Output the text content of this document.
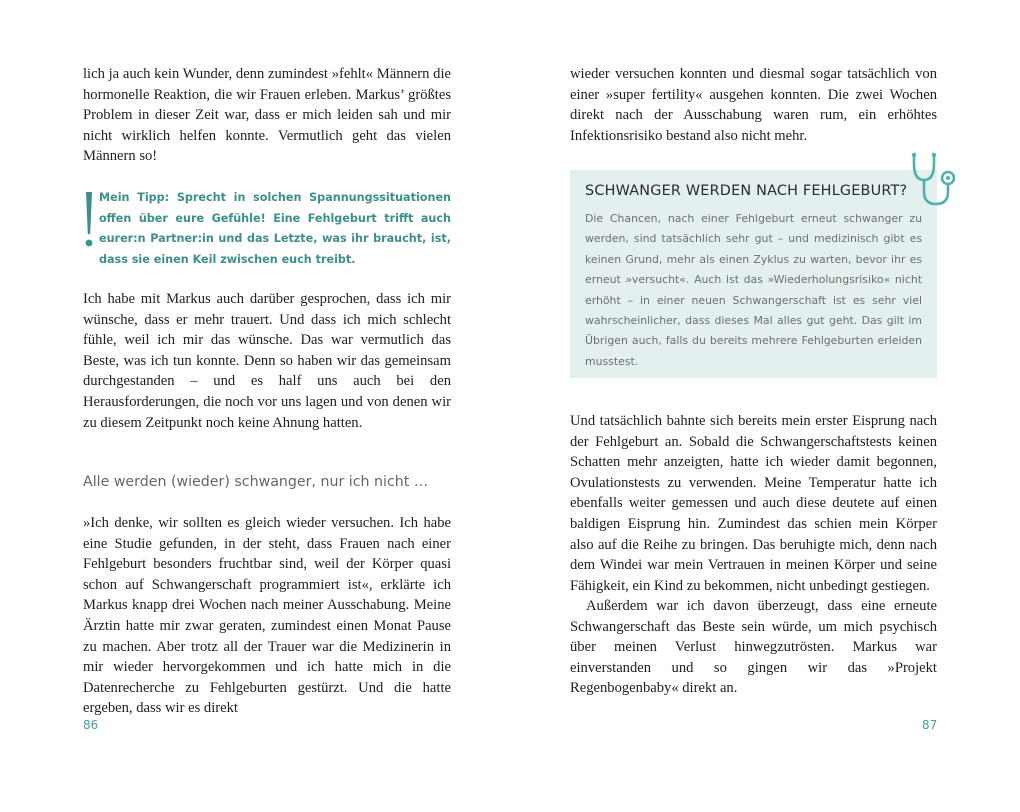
lich ja auch kein Wunder, denn zumindest »fehlt« Männern die hormonelle Reaktion, die wir Frauen erleben. Markus’ größtes Problem in dieser Zeit war, dass er mich leiden sah und mir nicht wirklich helfen konnte. Vermutlich geht das vielen Männern so!

Mein Tipp: Sprecht in solchen Spannungssituationen offen über eure Gefühle! Eine Fehlgeburt trifft auch eurer:n Partner:in und das Letzte, was ihr braucht, ist, dass sie einen Keil zwischen euch treibt.

Ich habe mit Markus auch darüber gesprochen, dass ich mir wünsche, dass er mehr trauert. Und dass ich mich schlecht fühle, weil ich mir das wünsche. Das war vermutlich das Beste, was ich tun konnte. Denn so haben wir das gemeinsam durchgestanden – und es half uns auch bei den Herausforderungen, die noch vor uns lagen und von denen wir zu diesem Zeitpunkt noch keine Ahnung hatten.

Alle werden (wieder) schwanger, nur ich nicht …

»Ich denke, wir sollten es gleich wieder versuchen. Ich habe eine Studie gefunden, in der steht, dass Frauen nach einer Fehlgeburt besonders fruchtbar sind, weil der Körper quasi schon auf Schwangerschaft programmiert ist«, erklärte ich Markus knapp drei Wochen nach meiner Ausschabung. Meine Ärztin hatte mir zwar geraten, zumindest einen Monat Pause zu machen. Aber trotz all der Trauer war die Medizinerin in mir wieder hervorgekommen und ich hatte mich in die Datenrecherche zu Fehlgeburten gestürzt. Und die hatte ergeben, dass wir es direkt

86

wieder versuchen konnten und diesmal sogar tatsächlich von einer »super fertility« ausgehen konnten. Die zwei Wochen direkt nach der Ausschabung waren rum, ein erhöhtes Infektionsrisiko bestand also nicht mehr.

SCHWANGER WERDEN NACH FEHLGEBURT?
Die Chancen, nach einer Fehlgeburt erneut schwanger zu werden, sind tatsächlich sehr gut – und medizinisch gibt es keinen Grund, mehr als einen Zyklus zu warten, bevor ihr es erneut »versucht«. Auch ist das »Wiederholungsrisiko« nicht erhöht – in einer neuen Schwangerschaft ist es sehr viel wahrscheinlicher, dass dieses Mal alles gut geht. Das gilt im Übrigen auch, falls du bereits mehrere Fehlgeburten erleiden musstest.

Und tatsächlich bahnte sich bereits mein erster Eisprung nach der Fehlgeburt an. Sobald die Schwangerschaftstests keinen Schatten mehr anzeigten, hatte ich wieder damit begonnen, Ovulationstests zu verwenden. Meine Temperatur hatte ich ebenfalls weiter gemessen und auch diese deutete auf einen baldigen Eisprung hin. Zumindest das schien mein Körper also auf die Reihe zu bringen. Das beruhigte mich, denn nach dem Windei war mein Vertrauen in meinen Körper und seine Fähigkeit, ein Kind zu bekommen, nicht unbedingt gestiegen.

Außerdem war ich davon überzeugt, dass eine erneute Schwangerschaft das Beste sein würde, um mich psychisch über meinen Verlust hinwegzutrösten. Markus war einverstanden und so gingen wir das »Projekt Regenbogenbaby« direkt an.

87
